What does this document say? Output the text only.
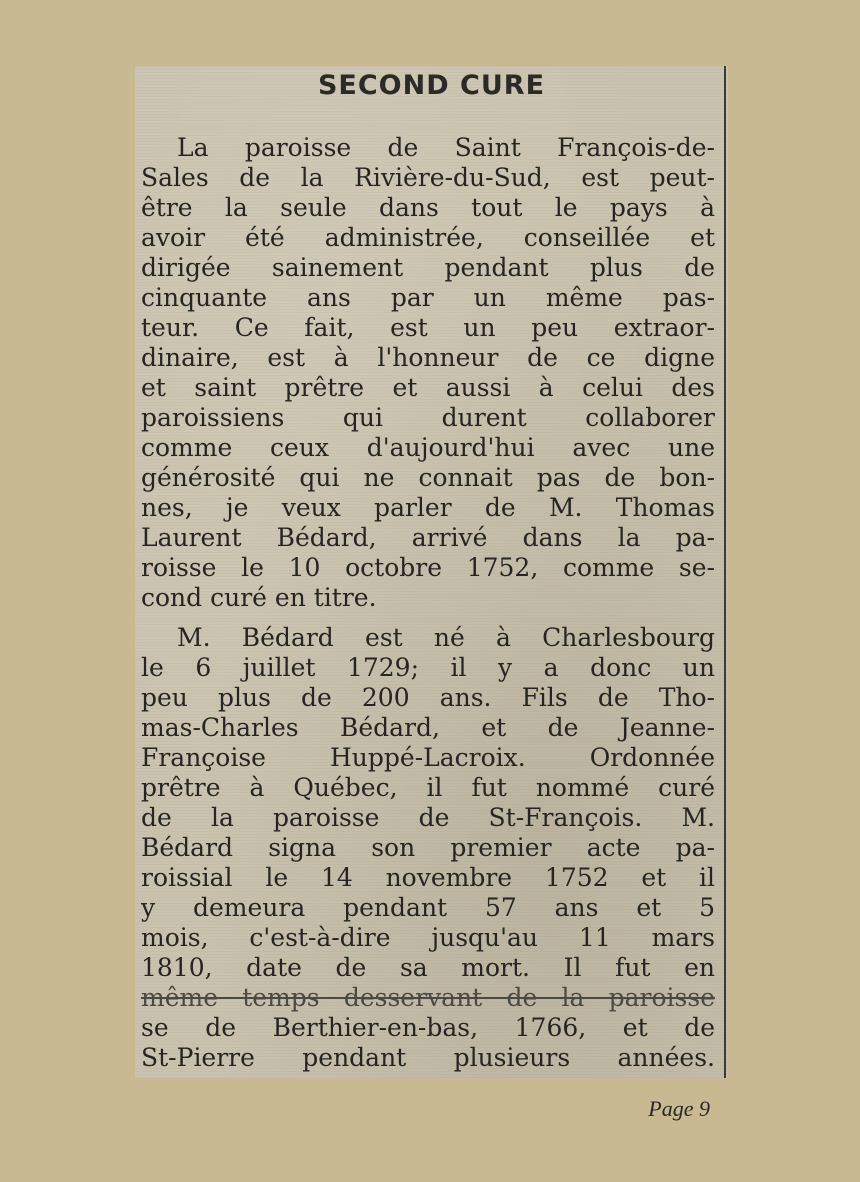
SECOND CURE
La paroisse de Saint François-de-
Sales de la Rivière-du-Sud, est peut-
être la seule dans tout le pays à
avoir été administrée, conseillée et
dirigée sainement pendant plus de
cinquante ans par un même pas-
teur. Ce fait, est un peu extraor-
dinaire, est à l'honneur de ce digne
et saint prêtre et aussi à celui des
paroissiens qui durent collaborer
comme ceux d'aujourd'hui avec une
générosité qui ne connait pas de bon-
nes, je veux parler de M. Thomas
Laurent Bédard, arrivé dans la pa-
roisse le 10 octobre 1752, comme se-
cond curé en titre.
M. Bédard est né à Charlesbourg
le 6 juillet 1729; il y a donc un
peu plus de 200 ans. Fils de Tho-
mas-Charles Bédard, et de Jeanne-
Françoise Huppé-Lacroix. Ordonnée
prêtre à Québec, il fut nommé curé
de la paroisse de St-François. M.
Bédard signa son premier acte pa-
roissial le 14 novembre 1752 et il
y demeura pendant 57 ans et 5
mois, c'est-à-dire jusqu'au 11 mars
1810, date de sa mort. Il fut en
même temps desservant de la paroisse
se de Berthier-en-bas, 1766, et de
St-Pierre pendant plusieurs années.
Page 9
